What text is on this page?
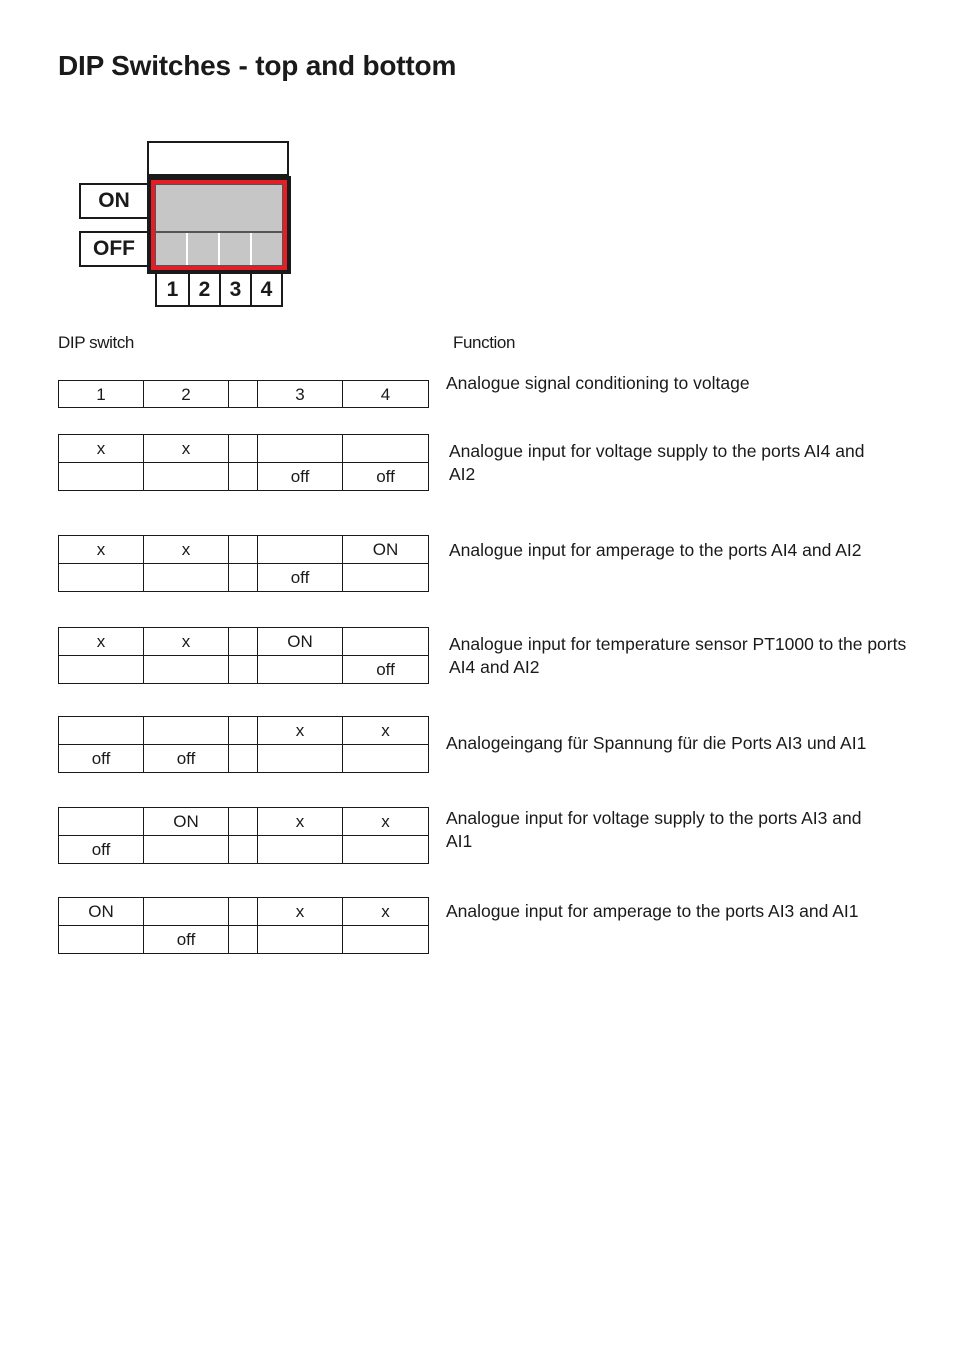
DIP Switches - top and bottom
ON
OFF
1 2 3 4
DIP switch	Function
1	2		3	4
Analogue signal conditioning to voltage
x	x			
			off	off
Analogue input for voltage supply to the ports AI4 and AI2
x	x			ON
			off	
Analogue input for amperage to the ports AI4 and AI2
x	x		ON	
				off
Analogue input for temperature sensor PT1000 to the ports AI4 and AI2
			x	x
off	off			
Analogeingang für Spannung für die Ports AI3 und AI1
	ON		x	x
off				
Analogue input for voltage supply to the ports AI3 and AI1
ON			x	x
	off			
Analogue input for amperage to the ports AI3 and AI1
